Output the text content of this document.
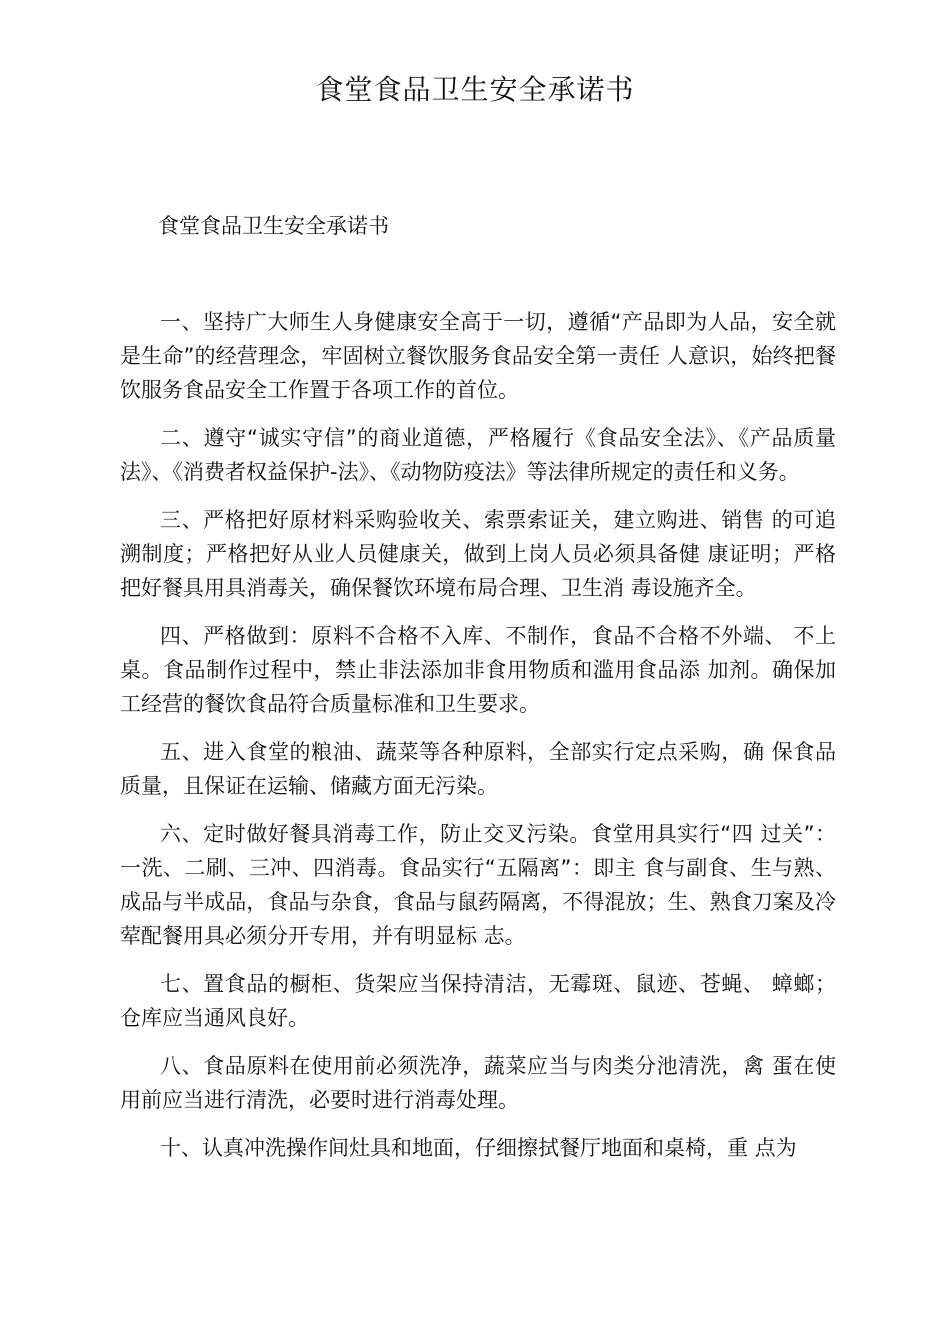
食堂食品卫生安全承诺书

食堂食品卫生安全承诺书

一、坚持广大师生人身健康安全高于一切，遵循“产品即为人品，安全就是生命”的经营理念，牢固树立餐饮服务食品安全第一责任 人意识，始终把餐饮服务食品安全工作置于各项工作的首位。

二、遵守“诚实守信”的商业道德，严格履行《食品安全法》、《产品质量法》、《消费者权益保护-法》、《动物防疫法》等法律所规定的责任和义务。

三、严格把好原材料采购验收关、索票索证关，建立购进、销售 的可追溯制度；严格把好从业人员健康关，做到上岗人员必须具备健 康证明；严格把好餐具用具消毒关，确保餐饮环境布局合理、卫生消 毒设施齐全。

四、严格做到：原料不合格不入库、不制作，食品不合格不外端、 不上桌。食品制作过程中，禁止非法添加非食用物质和滥用食品添 加剂。确保加工经营的餐饮食品符合质量标准和卫生要求。

五、进入食堂的粮油、蔬菜等各种原料，全部实行定点采购，确 保食品质量，且保证在运输、储藏方面无污染。

六、定时做好餐具消毒工作，防止交叉污染。食堂用具实行“四 过关”：一洗、二刷、三冲、四消毒。食品实行“五隔离”：即主 食与副食、生与熟、成品与半成品，食品与杂食，食品与鼠药隔离，不得混放；生、熟食刀案及冷荤配餐用具必须分开专用，并有明显标 志。

七、置食品的橱柜、货架应当保持清洁，无霉斑、鼠迹、苍蝇、 蟑螂；仓库应当通风良好。

八、食品原料在使用前必须洗净，蔬菜应当与肉类分池清洗，禽 蛋在使用前应当进行清洗，必要时进行消毒处理。

十、认真冲洗操作间灶具和地面，仔细擦拭餐厅地面和桌椅，重 点为
